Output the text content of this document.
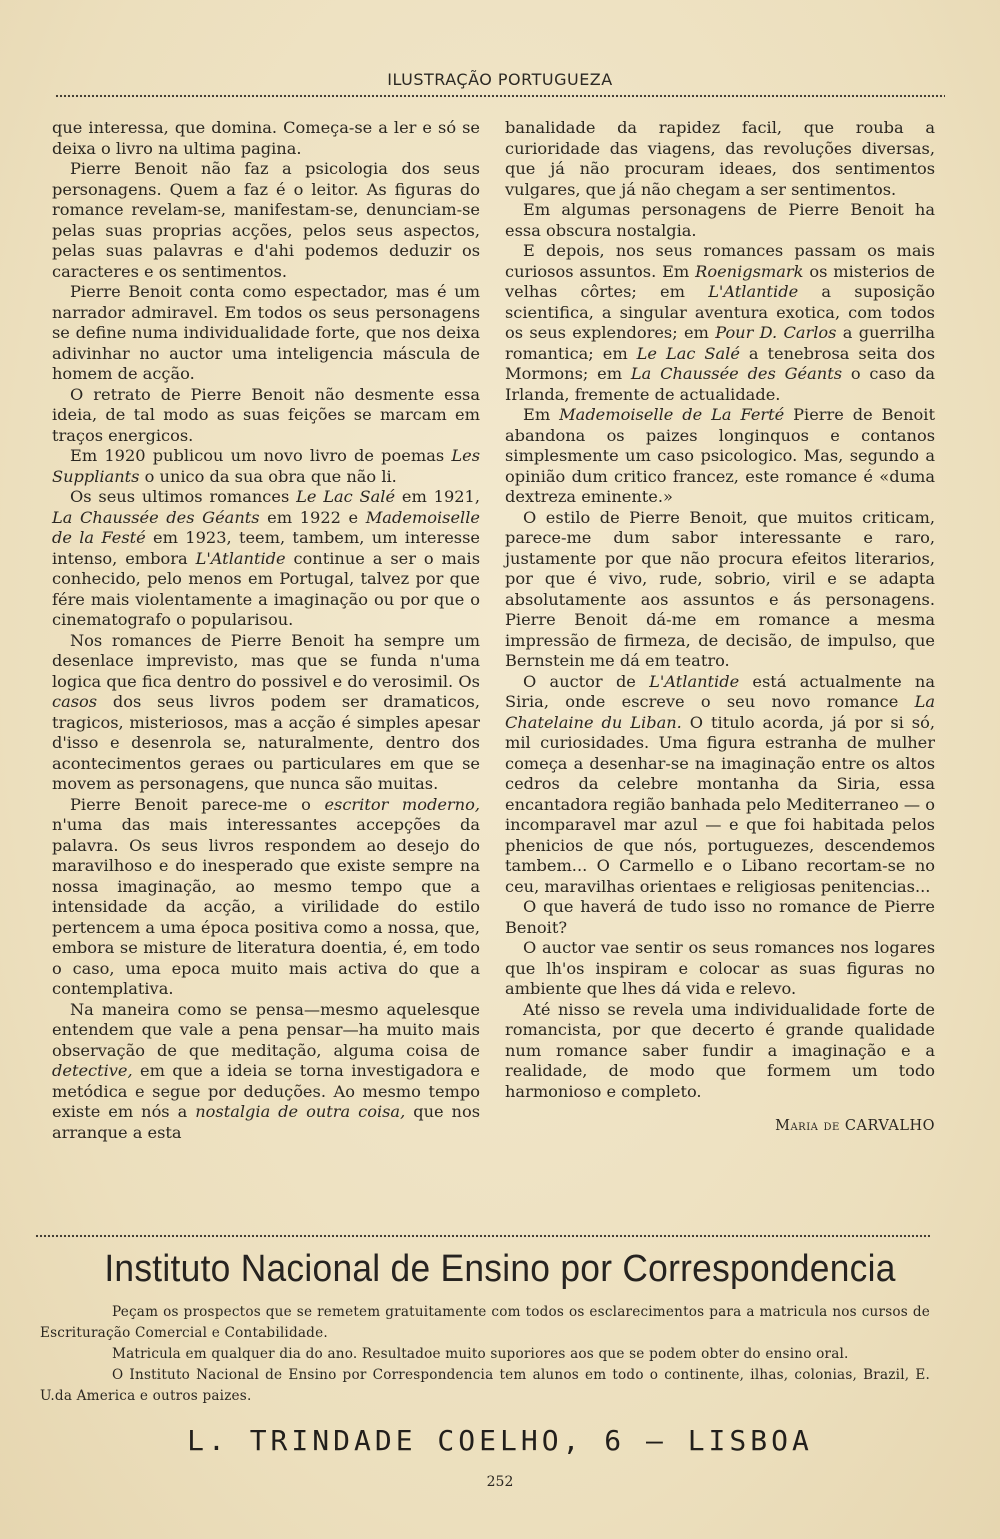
ILUSTRAÇÃO PORTUGUEZA

que interessa, que domina. Começa-se a ler e só se deixa o livro na ultima pagina.

Pierre Benoit não faz a psicologia dos seus personagens. Quem a faz é o leitor. As figuras do romance revelam-se, manifestam-se, denunciam-se pelas suas proprias acções, pelos seus aspectos, pelas suas palavras e d'ahi podemos deduzir os caracteres e os sentimentos.

Pierre Benoit conta como espectador, mas é um narrador admiravel. Em todos os seus personagens se define numa individualidade forte, que nos deixa adivinhar no auctor uma inteligencia máscula de homem de acção.

O retrato de Pierre Benoit não desmente essa ideia, de tal modo as suas feições se marcam em traços energicos.

Em 1920 publicou um novo livro de poemas Les Suppliants o unico da sua obra que não li.

Os seus ultimos romances Le Lac Salé em 1921, La Chaussée des Géants em 1922 e Mademoiselle de la Festé em 1923, teem, tambem, um interesse intenso, embora L'Atlantide continue a ser o mais conhecido, pelo menos em Portugal, talvez por que fére mais violentamente a imaginação ou por que o cinematografo o popularisou.

Nos romances de Pierre Benoit ha sempre um desenlace imprevisto, mas que se funda n'uma logica que fica dentro do possivel e do verosimil. Os casos dos seus livros podem ser dramaticos, tragicos, misteriosos, mas a acção é simples apesar d'isso e desenrola se, naturalmente, dentro dos acontecimentos geraes ou particulares em que se movem as personagens, que nunca são muitas.

Pierre Benoit parece-me o escritor moderno, n'uma das mais interessantes accepções da palavra. Os seus livros respondem ao desejo do maravilhoso e do inesperado que existe sempre na nossa imaginação, ao mesmo tempo que a intensidade da acção, a virilidade do estilo pertencem a uma época positiva como a nossa, que, embora se misture de literatura doentia, é, em todo o caso, uma epoca muito mais activa do que a contemplativa.

Na maneira como se pensa—mesmo aquelesque entendem que vale a pena pensar—ha muito mais observação de que meditação, alguma coisa de detective, em que a ideia se torna investigadora e metódica e segue por deduções. Ao mesmo tempo existe em nós a nostalgia de outra coisa, que nos arranque a esta

banalidade da rapidez facil, que rouba a curioridade das viagens, das revoluções diversas, que já não procuram ideaes, dos sentimentos vulgares, que já não chegam a ser sentimentos.

Em algumas personagens de Pierre Benoit ha essa obscura nostalgia.

E depois, nos seus romances passam os mais curiosos assuntos. Em Roenigsmark os misterios de velhas côrtes; em L'Atlantide a suposição scientifica, a singular aventura exotica, com todos os seus explendores; em Pour D. Carlos a guerrilha romantica; em Le Lac Salé a tenebrosa seita dos Mormons; em La Chaussée des Géants o caso da Irlanda, fremente de actualidade.

Em Mademoiselle de La Ferté Pierre de Benoit abandona os paizes longinquos e contanos simplesmente um caso psicologico. Mas, segundo a opinião dum critico francez, este romance é «duma dextreza eminente.»

O estilo de Pierre Benoit, que muitos criticam, parece-me dum sabor interessante e raro, justamente por que não procura efeitos literarios, por que é vivo, rude, sobrio, viril e se adapta absolutamente aos assuntos e ás personagens. Pierre Benoit dá-me em romance a mesma impressão de firmeza, de decisão, de impulso, que Bernstein me dá em teatro.

O auctor de L'Atlantide está actualmente na Siria, onde escreve o seu novo romance La Chatelaine du Liban. O titulo acorda, já por si só, mil curiosidades. Uma figura estranha de mulher começa a desenhar-se na imaginação entre os altos cedros da celebre montanha da Siria, essa encantadora região banhada pelo Mediterraneo — o incomparavel mar azul — e que foi habitada pelos phenicios de que nós, portuguezes, descendemos tambem... O Carmello e o Libano recortam-se no ceu, maravilhas orientaes e religiosas penitencias...

O que haverá de tudo isso no romance de Pierre Benoit?

O auctor vae sentir os seus romances nos logares que lh'os inspiram e colocar as suas figuras no ambiente que lhes dá vida e relevo.

Até nisso se revela uma individualidade forte de romancista, por que decerto é grande qualidade num romance saber fundir a imaginação e a realidade, de modo que formem um todo harmonioso e completo.

Maria de CARVALHO
Instituto Nacional de Ensino por Correspondencia

Peçam os prospectos que se remetem gratuitamente com todos os esclarecimentos para a matricula nos cursos de Escrituração Comercial e Contabilidade.

Matricula em qualquer dia do ano. Resultadoe muito suporiores aos que se podem obter do ensino oral.

O Instituto Nacional de Ensino por Correspondencia tem alunos em todo o continente, ilhas, colonias, Brazil, E. U.da America e outros paizes.

L. TRINDADE COELHO, 6 — LISBOA
252
